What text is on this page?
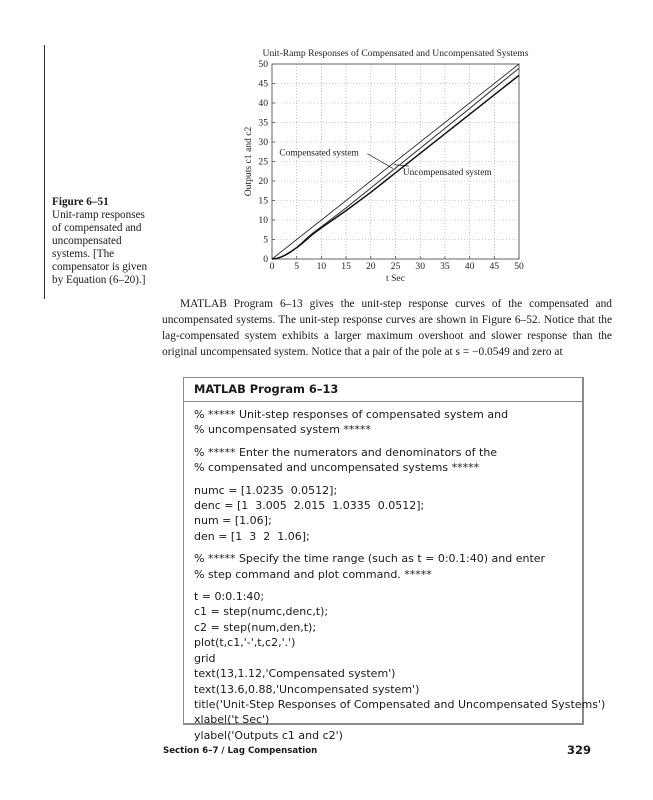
Figure 6–51
Unit-ramp responses
of compensated and
uncompensated
systems. [The
compensator is given
by Equation (6–20).]
0 5 10 15 20 25 30 35 40 45 50
0
5
10
15
20
25
30
35
40
45
50
Unit-Ramp Responses of Compensated and Uncompensated Systems
t Sec
Outputs c1 and c2	Compensated system
Uncompensated system

MATLAB Program 6–13 gives the unit-step response curves of the compensated and uncompensated systems. The unit-step response curves are shown in Figure 6–52. Notice that the lag-compensated system exhibits a larger maximum overshoot and slower response than the original uncompensated system. Notice that a pair of the pole at s = −0.0549 and zero at

MATLAB Program 6–13
% ***** Unit-step responses of compensated system and
% uncompensated system *****
% ***** Enter the numerators and denominators of the
% compensated and uncompensated systems *****
numc = [1.0235  0.0512];
denc = [1  3.005  2.015  1.0335  0.0512];
num = [1.06];
den = [1  3  2  1.06];
% ***** Specify the time range (such as t = 0:0.1:40) and enter
% step command and plot command. *****
t = 0:0.1:40;
c1 = step(numc,denc,t);
c2 = step(num,den,t);
plot(t,c1,'-',t,c2,'.')
grid
text(13,1.12,'Compensated system')
text(13.6,0.88,'Uncompensated system')
title('Unit-Step Responses of Compensated and Uncompensated Systems')
xlabel('t Sec')
ylabel('Outputs c1 and c2')
Section 6–7 / Lag Compensation	329
